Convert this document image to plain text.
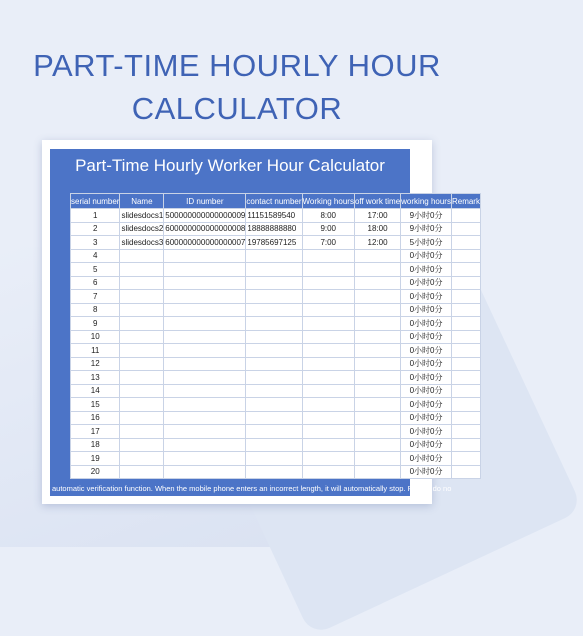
PART-TIME HOURLY HOUR
CALCULATOR
Part-Time Hourly Worker Hour Calculator
serial number	Name	ID number	contact number	Working hours	off work time	working hours	Remark
1	slidesdocs1	500000000000000009	11151589540	8:00	17:00	9小时0分	
2	slidesdocs2	600000000000000008	18888888880	9:00	18:00	9小时0分	
3	slidesdocs3	600000000000000007	19785697125	7:00	12:00	5小时0分	
4						0小时0分	
5						0小时0分	
6						0小时0分	
7						0小时0分	
8						0小时0分	
9						0小时0分	
10						0小时0分	
11						0小时0分	
12						0小时0分	
13						0小时0分	
14						0小时0分	
15						0小时0分	
16						0小时0分	
17						0小时0分	
18						0小时0分	
19						0小时0分	
20						0小时0分	
automatic verification function. When the mobile phone enters an incorrect length, it will automatically stop. Please do no
